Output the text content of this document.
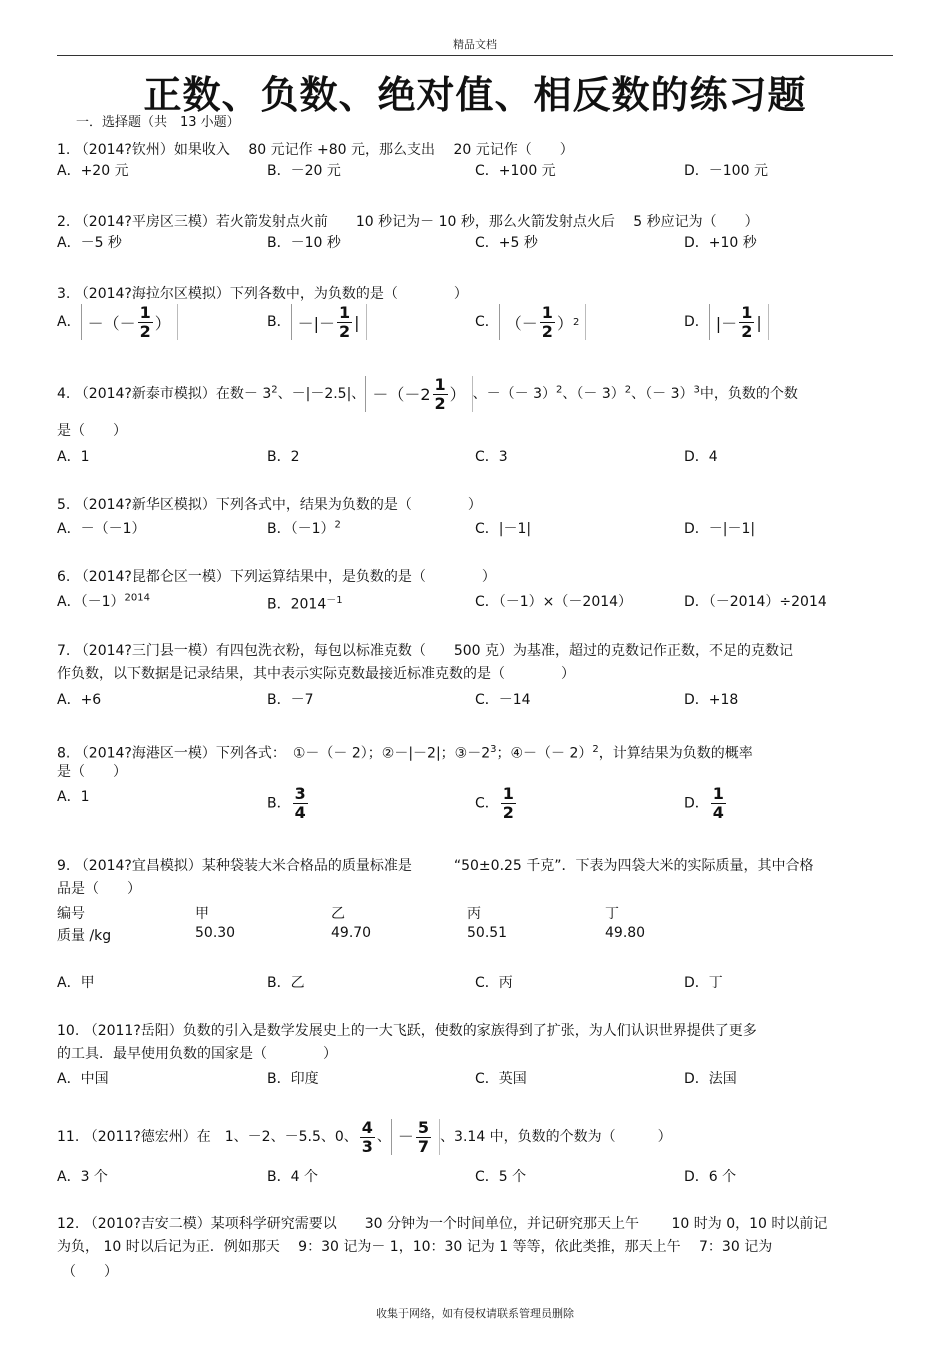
精品文档
正数、负数、绝对值、相反数的练习题
一．选择题（共　13 小题）
1. （2014?钦州）如果收入　 80 元记作 +80 元，那么支出　 20 元记作（　　）
A．+20 元	B．－20 元	C．+100 元	D．－100 元
2. （2014?平房区三模）若火箭发射点火前　　10 秒记为－ 10 秒，那么火箭发射点火后　 5 秒应记为（　　）
A．－5 秒	B．－10 秒	C．+5 秒	D．+10 秒
3. （2014?海拉尔区模拟）下列各数中，为负数的是（　　　　）
A． －（－ $\frac{1}{2}$ ）	B． －|－ $\frac{1}{2}$ |	C． （－ $\frac{1}{2}$ ） 2	D． |－ $\frac{1}{2}$ |
4. （2014?新泰市模拟）在数－ $3^2$、－|－2.5|、 $-(-2 \frac{1}{2}$ ） 、－（－ 3）$^2$、（－ 3）$^2$、（－ 3）$^3$中，负数的个数
是（　　）
A．1	B．2	C．3	D．4
5. （2014?新华区模拟）下列各式中，结果为负数的是（　　　　）
A．－（－1）	B．$(-1)^2$	C．|－1|	D．－|－1|
6. （2014?昆都仑区一模）下列运算结果中，是负数的是（　　　　）
A．$(-1)^{2014}$	B．$2014^{-1}$	C．（－1）×（－2014）	D．（－2014）÷2014
7. （2014?三门县一模）有四包洗衣粉，每包以标准克数（　　500 克）为基准，超过的克数记作正数，不足的克数记
作负数，以下数据是记录结果，其中表示实际克数最接近标准克数的是（　　　　）
A．+6	B．－7	C．－14	D．+18
8. （2014?海港区一模）下列各式：　①－（－ 2）；②－|－2|；$③-2^3$；④－（－ 2）$^2$，计算结果为负数的概率
是（　　）
A．1	B． $\frac{3}{4}$	C． $\frac{1}{2}$	D． $\frac{1}{4}$
9. （2014?宜昌模拟）某种袋装大米合格品的质量标准是　　　“50±0.25 千克”．下表为四袋大米的实际质量，其中合格
品是（　　）
编号	甲	乙	丙	丁
质量 /kg	50.30	49.70	50.51	49.80
A．甲	B．乙	C．丙	D．丁
10. （2011?岳阳）负数的引入是数学发展史上的一大飞跃，使数的家族得到了扩张，为人们认识世界提供了更多
的工具．最早使用负数的国家是（　　　　）
A．中国	B．印度	C．英国	D．法国
11. （2011?德宏州）在　1、－2、－5.5、0、 $\frac{4}{3}$ 、 － $\frac{5}{7}$ 、3.14 中，负数的个数为（　　　）
A．3 个	B．4 个	C．5 个	D．6 个
12. （2010?吉安二模）某项科学研究需要以　　30 分钟为一个时间单位，并记研究那天上午　　 10 时为 0，10 时以前记
为负， 10 时以后记为正．例如那天　 9：30 记为－ 1，10：30 记为 1 等等，依此类推，那天上午　 7：30 记为
（　　）
收集于网络，如有侵权请联系管理员删除
